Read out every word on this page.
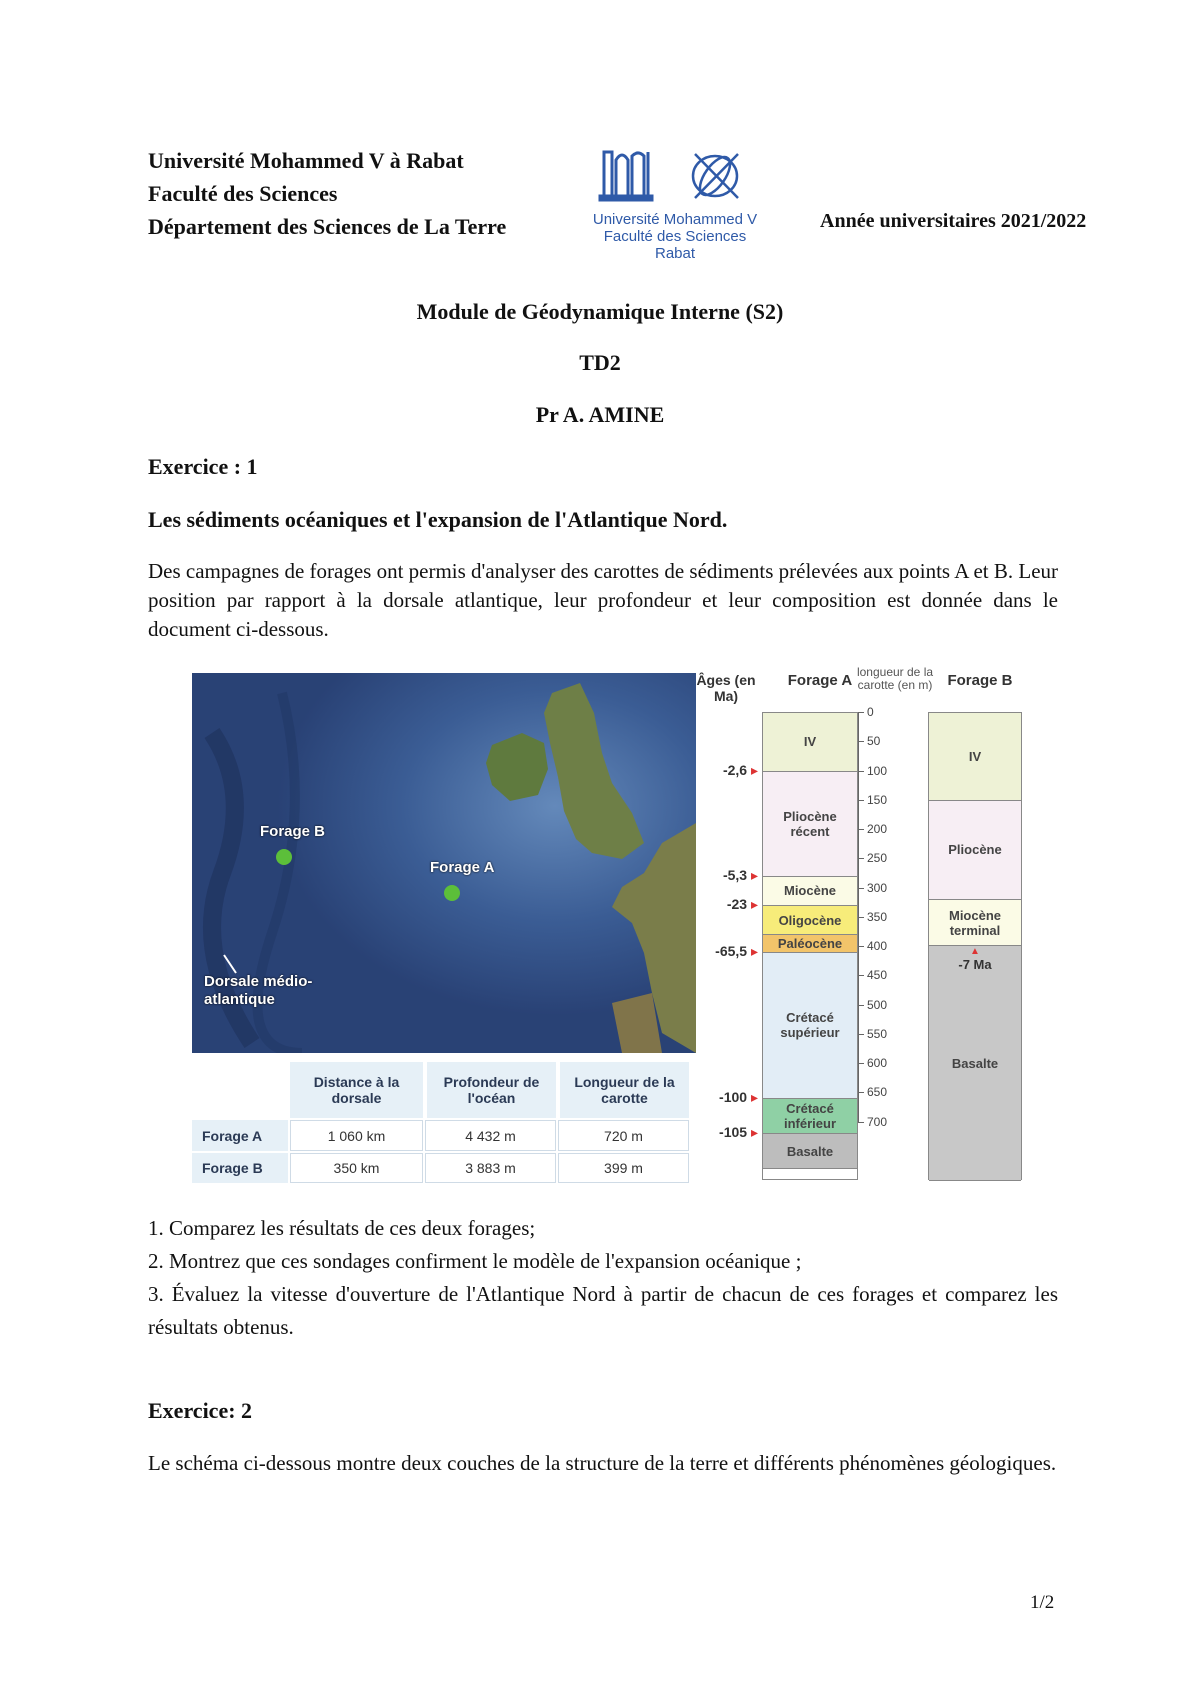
Université Mohammed V à Rabat
Faculté des Sciences
Département des Sciences de La Terre	Université Mohammed V
Faculté des Sciences
Rabat
Année universitaires 2021/2022
Module de Géodynamique Interne (S2)
TD2
Pr A. AMINE
Exercice : 1
Les sédiments océaniques et l'expansion de l'Atlantique Nord.
Des campagnes de forages ont permis d'analyser des carottes de sédiments prélevées aux points A et B. Leur position par rapport à la dorsale atlantique, leur profondeur et leur composition est donnée dans le document ci-dessous.
Forage B
Forage A
Dorsale médio-atlantique
Distance à la dorsale
Profondeur de l'océan
Longueur de la carotte
Forage A	1 060 km	4 432 m	720 m
Forage B	350 km	3 883 m	399 m
Âges (en Ma)
Forage A longueur de la carotte (en m)	Forage B
IV
Pliocène récent
Miocène
Oligocène
Paléocène
Crétacé supérieur
Crétacé inférieur
Basalte
0
50
100
150
200
250
300
350
400
450
500
550
600
650
700
IV
Pliocène
Miocène terminal
Basalte
-2,6 ▸
-5,3 ▸
-23 ▸
-65,5 ▸
-100 ▸
-105 ▸
▲
-7 Ma
1. Comparez les résultats de ces deux forages;
2. Montrez que ces sondages confirment le modèle de l'expansion océanique ;
3. Évaluez la vitesse d'ouverture de l'Atlantique Nord à partir de chacun de ces forages et comparez les résultats obtenus.
Exercice: 2
Le schéma ci-dessous montre deux couches de la structure de la terre et différents phénomènes géologiques.
1/2
